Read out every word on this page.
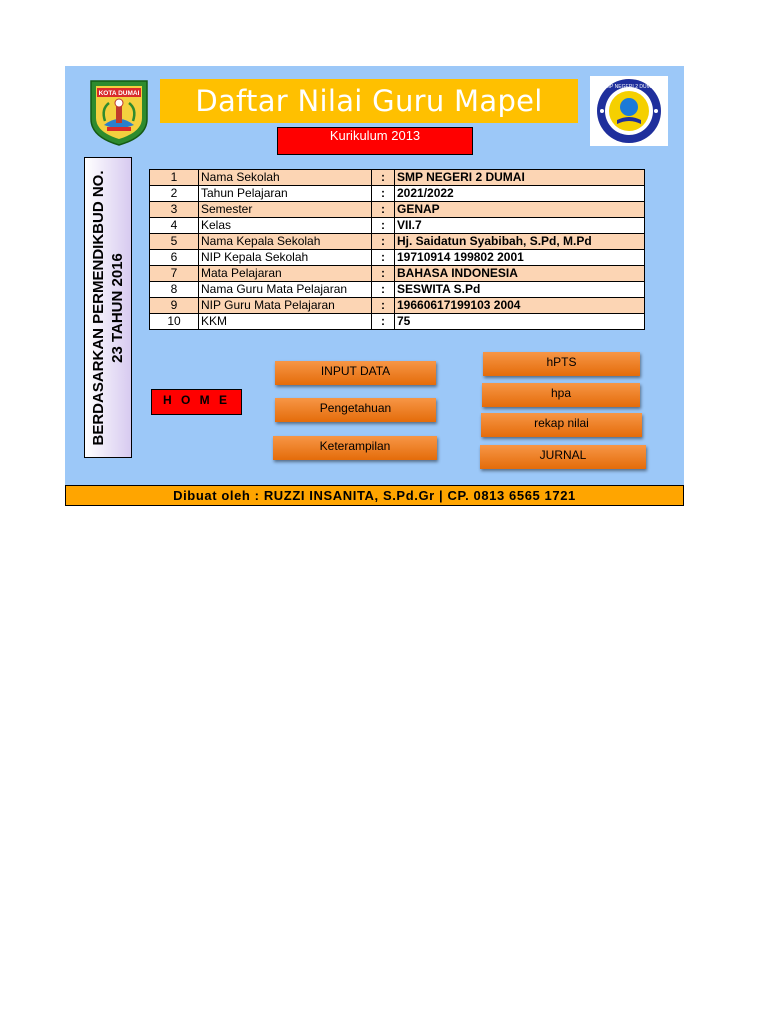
KOTA DUMAI Daftar Nilai Guru Mapel
Kurikulum 2013
SMP NEGERI 2 DUMAI
BERDASARKAN PERMENDIKBUD NO. 23 TAHUN 2016
1	Nama Sekolah	:	SMP NEGERI 2 DUMAI
2	Tahun Pelajaran	:	2021/2022
3	Semester	:	GENAP
4	Kelas	:	VII.7
5	Nama Kepala Sekolah	:	Hj. Saidatun Syabibah, S.Pd, M.Pd
6	NIP Kepala Sekolah	:	19710914 199802 2001
7	Mata Pelajaran	:	BAHASA INDONESIA
8	Nama Guru Mata Pelajaran	:	SESWITA S.Pd
9	NIP Guru Mata Pelajaran	:	19660617199103 2004
10	KKM	:	75
H O M E
INPUT DATA
Pengetahuan
Keterampilan
hPTS
hpa
rekap nilai
JURNAL
Dibuat oleh : RUZZI INSANITA, S.Pd.Gr | CP. 0813 6565 1721
